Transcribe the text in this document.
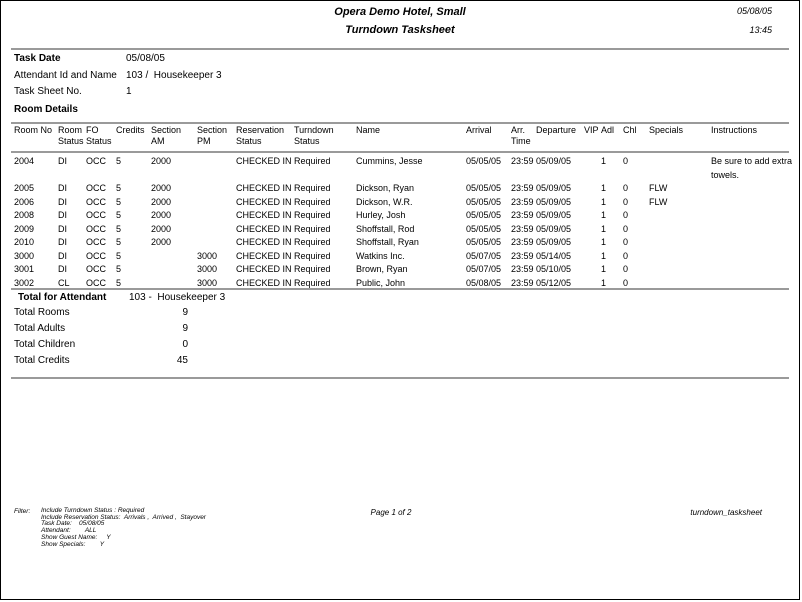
Opera Demo Hotel, Small	05/08/05
Turndown Tasksheet	13:45
Task Date	05/08/05
Attendant Id and Name 103 /  Housekeeper 3
Task Sheet No.	1
Room Details
Room No	Room Status	FO Status	Credits	Section AM	Section PM	Reservation Status	Turndown Status	Name	Arrival	Arr. Time	Departure	VIP	Adl	Chl	Specials	Instructions
2004	DI	OCC	5	2000		CHECKED IN	Required	Cummins, Jesse	05/05/05	23:59	05/09/05		1	0		Be sure to add extra towels.
2005	DI	OCC	5	2000		CHECKED IN	Required	Dickson, Ryan	05/05/05	23:59	05/09/05		1	0	FLW	
2006	DI	OCC	5	2000		CHECKED IN	Required	Dickson, W.R.	05/05/05	23:59	05/09/05		1	0	FLW	
2008	DI	OCC	5	2000		CHECKED IN	Required	Hurley, Josh	05/05/05	23:59	05/09/05		1	0		
2009	DI	OCC	5	2000		CHECKED IN	Required	Shoffstall, Rod	05/05/05	23:59	05/09/05		1	0		
2010	DI	OCC	5	2000		CHECKED IN	Required	Shoffstall, Ryan	05/05/05	23:59	05/09/05		1	0		
3000	DI	OCC	5		3000	CHECKED IN	Required	Watkins Inc.	05/07/05	23:59	05/14/05		1	0		
3001	DI	OCC	5		3000	CHECKED IN	Required	Brown, Ryan	05/07/05	23:59	05/10/05		1	0		
3002	CL	OCC	5		3000	CHECKED IN	Required	Public, John	05/08/05	23:59	05/12/05		1	0		
Total for Attendant 103 -  Housekeeper 3
Total Rooms	9
Total Adults	9
Total Children	0
Total Credits	45
Filter: Include Turndown Status : Required
Include Reservation Status:  Arrivals ,  Arrived ,  Stayover
Task Date:    05/08/05
Attendant:        ALL
Show Guest Name:     Y
Show Specials:        Y
Page 1 of 2	turndown_tasksheet
